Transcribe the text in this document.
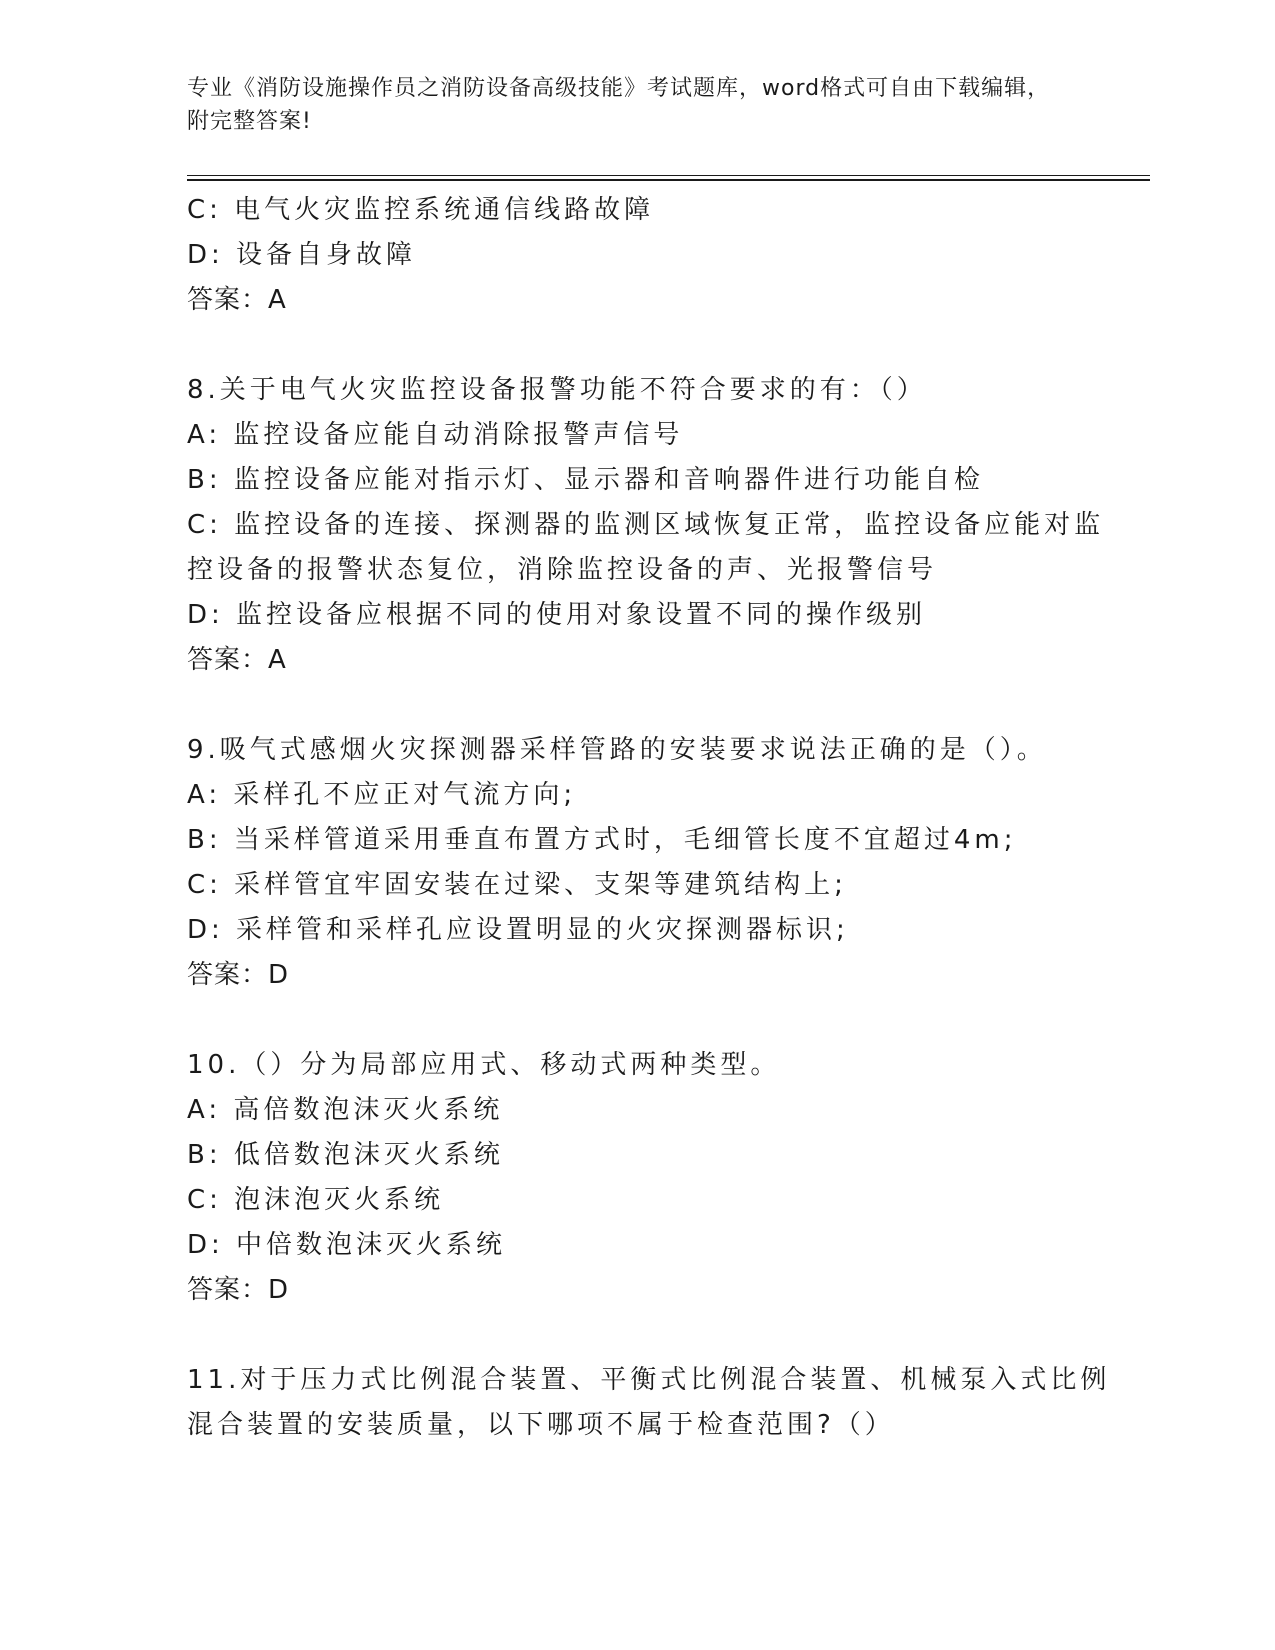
专业《消防设施操作员之消防设备高级技能》考试题库，word格式可自由下载编辑，附完整答案!
C: 电气火灾监控系统通信线路故障
D: 设备自身故障
答案：A
8.关于电气火灾监控设备报警功能不符合要求的有：（）
A: 监控设备应能自动消除报警声信号
B: 监控设备应能对指示灯、显示器和音响器件进行功能自检
C: 监控设备的连接、探测器的监测区域恢复正常，监控设备应能对监
控设备的报警状态复位，消除监控设备的声、光报警信号
D: 监控设备应根据不同的使用对象设置不同的操作级别
答案：A
9.吸气式感烟火灾探测器采样管路的安装要求说法正确的是（）。
A: 采样孔不应正对气流方向;
B: 当采样管道采用垂直布置方式时，毛细管长度不宜超过4m;
C: 采样管宜牢固安装在过梁、支架等建筑结构上;
D: 采样管和采样孔应设置明显的火灾探测器标识;
答案：D
10.（）分为局部应用式、移动式两种类型。
A: 高倍数泡沫灭火系统
B: 低倍数泡沫灭火系统
C: 泡沫泡灭火系统
D: 中倍数泡沫灭火系统
答案：D
11.对于压力式比例混合装置、平衡式比例混合装置、机械泵入式比例
混合装置的安装质量，以下哪项不属于检查范围?（）
